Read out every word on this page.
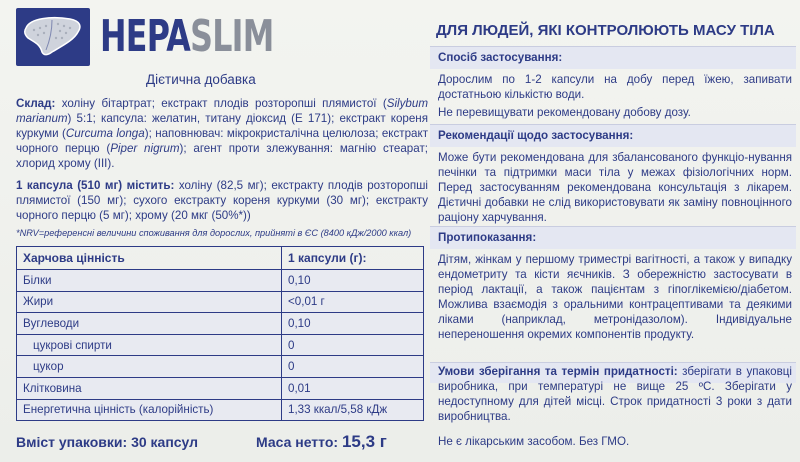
HEPASLIM
Дієтична добавка
Склад: холіну бітартрат; екстракт плодів розторопші плямистої (Silybum marianum) 5:1; капсула: желатин, титану діоксид (Е 171); екстракт кореня куркуми (Curcuma longa); наповнювач: мікрокристалічна целюлоза; екстракт чорного перцю (Piper nigrum); агент проти злежування: магнію стеарат; хлорид хрому (III).
1 капсула (510 мг) містить: холіну (82,5 мг); екстракту плодів розторопші плямистої (150 мг); сухого екстракту кореня куркуми (30 мг); екстракту чорного перцю (5 мг); хрому (20 мкг (50%*))
*NRV=референсні величини споживання для дорослих, прийняті в ЄС (8400 кДж/2000 ккал)
Харчова цінність	1 капсули (г):
Білки	0,10
Жири	<0,01 г
Вуглеводи	0,10
цукрові спирти	0
цукор	0
Клітковина	0,01
Енергетична цінність (калорійність)	1,33 ккал/5,58 кДж
Вміст упаковки: 30 капсул	Маса нетто: 15,3 г
ДЛЯ ЛЮДЕЙ, ЯКІ КОНТРОЛЮЮТЬ МАСУ ТІЛА
Спосіб застосування:
Дорослим по 1-2 капсули на добу перед їжею, запивати достатньою кількістю води.
Не перевищувати рекомендовану добову дозу.
Рекомендації щодо застосування:
Може бути рекомендована для збалансованого функціо-нування печінки та підтримки маси тіла у межах фізіологічних норм. Перед застосуванням рекомендована консультація з лікарем. Дієтичні добавки не слід використовувати як заміну повноцінного раціону харчування.
Протипоказання:
Дітям, жінкам у першому триместрі вагітності, а також у випадку ендометриту та кісти яєчників. З обережністю застосувати в період лактації, а також пацієнтам з гіпоглікемією/діабетом. Можлива взаємодія з оральними контрацептивами та деякими ліками (наприклад, метронідазолом). Індивідуальне непереношення окремих компонентів продукту.
Умови зберігання та термін придатності: зберігати в упаковці виробника, при температурі не вище 25 ºС. Зберігати у недоступному для дітей місці. Строк придатності 3 роки з дати виробництва.
Не є лікарським засобом. Без ГМО.
